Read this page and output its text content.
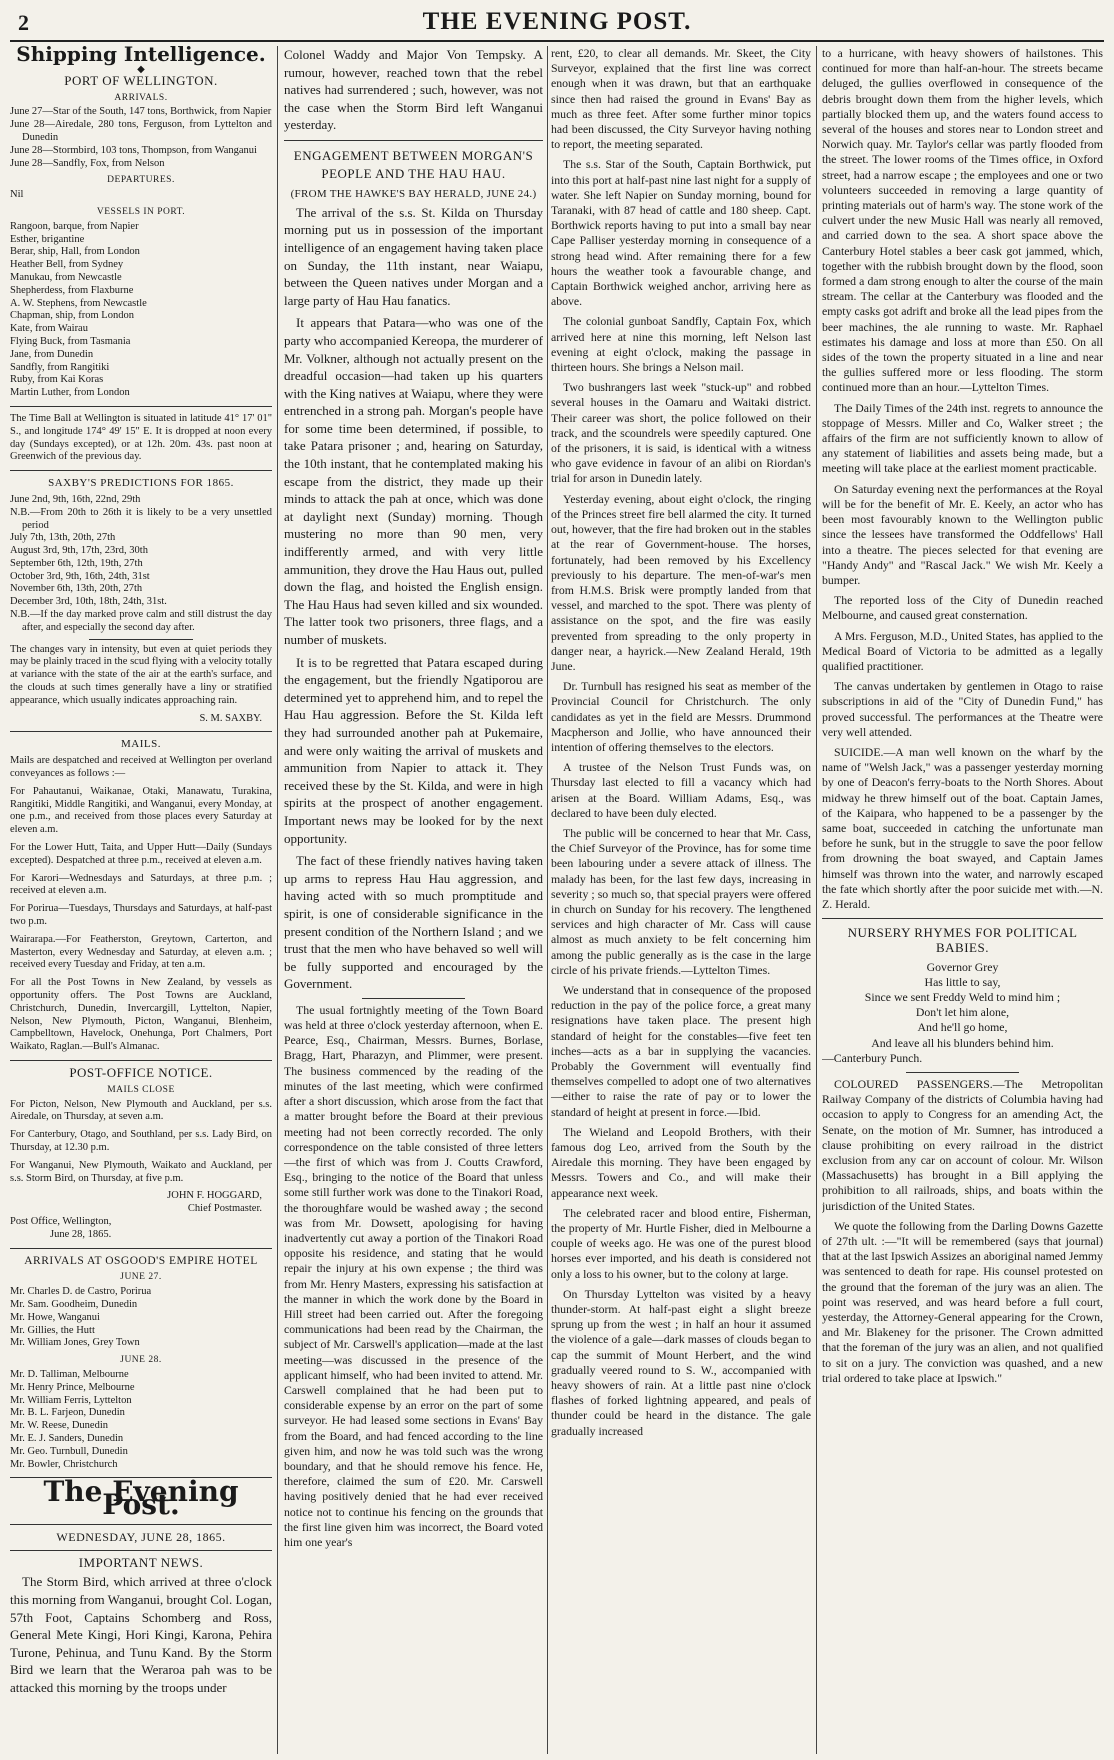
2	THE EVENING POST.
Shipping Intelligence.
◆
PORT OF WELLINGTON.
ARRIVALS.
June 27—Star of the South, 147 tons, Borthwick, from Napier
June 28—Airedale, 280 tons, Ferguson, from Lyttelton and Dunedin
June 28—Stormbird, 103 tons, Thompson, from Wanganui
June 28—Sandfly, Fox, from Nelson
DEPARTURES.
Nil
VESSELS IN PORT.
Rangoon, barque, from Napier
Esther, brigantine
Berar, ship, Hall, from London
Heather Bell, from Sydney
Manukau, from Newcastle
Shepherdess, from Flaxburne
A. W. Stephens, from Newcastle
Chapman, ship, from London
Kate, from Wairau
Flying Buck, from Tasmania
Jane, from Dunedin
Sandfly, from Rangitiki
Ruby, from Kai Koras
Martin Luther, from London

The Time Ball at Wellington is situated in latitude 41° 17' 01" S., and longitude 174° 49' 15" E. It is dropped at noon every day (Sundays excepted), or at 12h. 20m. 43s. past noon at Greenwich of the previous day.

SAXBY'S PREDICTIONS FOR 1865.
June 2nd, 9th, 16th, 22nd, 29th
N.B.—From 20th to 26th it is likely to be a very unsettled period
July 7th, 13th, 20th, 27th
August 3rd, 9th, 17th, 23rd, 30th
September 6th, 12th, 19th, 27th
October 3rd, 9th, 16th, 24th, 31st
November 6th, 13th, 20th, 27th
December 3rd, 10th, 18th, 24th, 31st.
N.B.—If the day marked prove calm and still distrust the day after, and especially the second day after.

The changes vary in intensity, but even at quiet periods they may be plainly traced in the scud flying with a velocity totally at variance with the state of the air at the earth's surface, and the clouds at such times generally have a liny or stratified appearance, which usually indicates approaching rain.

S. M. SAXBY.
MAILS.

Mails are despatched and received at Wellington per overland conveyances as follows :—

For Pahautanui, Waikanae, Otaki, Manawatu, Turakina, Rangitiki, Middle Rangitiki, and Wanganui, every Monday, at one p.m., and received from those places every Saturday at eleven a.m.

For the Lower Hutt, Taita, and Upper Hutt—Daily (Sundays excepted). Despatched at three p.m., received at eleven a.m.

For Karori—Wednesdays and Saturdays, at three p.m. ; received at eleven a.m.

For Porirua—Tuesdays, Thursdays and Saturdays, at half-past two p.m.

Wairarapa.—For Featherston, Greytown, Carterton, and Masterton, every Wednesday and Saturday, at eleven a.m. ; received every Tuesday and Friday, at ten a.m.

For all the Post Towns in New Zealand, by vessels as opportunity offers. The Post Towns are Auckland, Christchurch, Dunedin, Invercargill, Lyttelton, Napier, Nelson, New Plymouth, Picton, Wanganui, Blenheim, Campbelltown, Havelock, Onehunga, Port Chalmers, Port Waikato, Raglan.—Bull's Almanac.

POST-OFFICE NOTICE.
MAILS CLOSE

For Picton, Nelson, New Plymouth and Auckland, per s.s. Airedale, on Thursday, at seven a.m.

For Canterbury, Otago, and Southland, per s.s. Lady Bird, on Thursday, at 12.30 p.m.

For Wanganui, New Plymouth, Waikato and Auckland, per s.s. Storm Bird, on Thursday, at five p.m.

JOHN F. HOGGARD,
Chief Postmaster.
Post Office, Wellington,
June 28, 1865.
ARRIVALS AT OSGOOD'S EMPIRE HOTEL
JUNE 27.
Mr. Charles D. de Castro, Porirua
Mr. Sam. Goodheim, Dunedin
Mr. Howe, Wanganui
Mr. Gillies, the Hutt
Mr. William Jones, Grey Town
JUNE 28.
Mr. D. Talliman, Melbourne
Mr. Henry Prince, Melbourne
Mr. William Ferris, Lyttelton
Mr. B. L. Farjeon, Dunedin
Mr. W. Reese, Dunedin
Mr. E. J. Sanders, Dunedin
Mr. Geo. Turnbull, Dunedin
Mr. Bowler, Christchurch
The Evening Post.
WEDNESDAY, JUNE 28, 1865.
IMPORTANT NEWS.

The Storm Bird, which arrived at three o'clock this morning from Wanganui, brought Col. Logan, 57th Foot, Captains Schomberg and Ross, General Mete Kingi, Hori Kingi, Karona, Pehira Turone, Pehinua, and Tunu Kand. By the Storm Bird we learn that the Weraroa pah was to be attacked this morning by the troops under

Colonel Waddy and Major Von Tempsky. A rumour, however, reached town that the rebel natives had surrendered ; such, however, was not the case when the Storm Bird left Wanganui yesterday.

ENGAGEMENT BETWEEN MORGAN'S PEOPLE AND THE HAU HAU.
(FROM THE HAWKE'S BAY HERALD, JUNE 24.)

The arrival of the s.s. St. Kilda on Thursday morning put us in possession of the important intelligence of an engagement having taken place on Sunday, the 11th instant, near Waiapu, between the Queen natives under Morgan and a large party of Hau Hau fanatics.

It appears that Patara—who was one of the party who accompanied Kereopa, the murderer of Mr. Volkner, although not actually present on the dreadful occasion—had taken up his quarters with the King natives at Waiapu, where they were entrenched in a strong pah. Morgan's people have for some time been determined, if possible, to take Patara prisoner ; and, hearing on Saturday, the 10th instant, that he contemplated making his escape from the district, they made up their minds to attack the pah at once, which was done at daylight next (Sunday) morning. Though mustering no more than 90 men, very indifferently armed, and with very little ammunition, they drove the Hau Haus out, pulled down the flag, and hoisted the English ensign. The Hau Haus had seven killed and six wounded. The latter took two prisoners, three flags, and a number of muskets.

It is to be regretted that Patara escaped during the engagement, but the friendly Ngatiporou are determined yet to apprehend him, and to repel the Hau Hau aggression. Before the St. Kilda left they had surrounded another pah at Pukemaire, and were only waiting the arrival of muskets and ammunition from Napier to attack it. They received these by the St. Kilda, and were in high spirits at the prospect of another engagement. Important news may be looked for by the next opportunity.

The fact of these friendly natives having taken up arms to repress Hau Hau aggression, and having acted with so much promptitude and spirit, is one of considerable significance in the present condition of the Northern Island ; and we trust that the men who have behaved so well will be fully supported and encouraged by the Government.

The usual fortnightly meeting of the Town Board was held at three o'clock yesterday afternoon, when E. Pearce, Esq., Chairman, Messrs. Burnes, Borlase, Bragg, Hart, Pharazyn, and Plimmer, were present. The business commenced by the reading of the minutes of the last meeting, which were confirmed after a short discussion, which arose from the fact that a matter brought before the Board at their previous meeting had not been correctly recorded. The only correspondence on the table consisted of three letters—the first of which was from J. Coutts Crawford, Esq., bringing to the notice of the Board that unless some still further work was done to the Tinakori Road, the thoroughfare would be washed away ; the second was from Mr. Dowsett, apologising for having inadvertently cut away a portion of the Tinakori Road opposite his residence, and stating that he would repair the injury at his own expense ; the third was from Mr. Henry Masters, expressing his satisfaction at the manner in which the work done by the Board in Hill street had been carried out. After the foregoing communications had been read by the Chairman, the subject of Mr. Carswell's application—made at the last meeting—was discussed in the presence of the applicant himself, who had been invited to attend. Mr. Carswell complained that he had been put to considerable expense by an error on the part of some surveyor. He had leased some sections in Evans' Bay from the Board, and had fenced according to the line given him, and now he was told such was the wrong boundary, and that he should remove his fence. He, therefore, claimed the sum of £20. Mr. Carswell having positively denied that he had ever received notice not to continue his fencing on the grounds that the first line given him was incorrect, the Board voted him one year's

rent, £20, to clear all demands. Mr. Skeet, the City Surveyor, explained that the first line was correct enough when it was drawn, but that an earthquake since then had raised the ground in Evans' Bay as much as three feet. After some further minor topics had been discussed, the City Surveyor having nothing to report, the meeting separated.

The s.s. Star of the South, Captain Borthwick, put into this port at half-past nine last night for a supply of water. She left Napier on Sunday morning, bound for Taranaki, with 87 head of cattle and 180 sheep. Capt. Borthwick reports having to put into a small bay near Cape Palliser yesterday morning in consequence of a strong head wind. After remaining there for a few hours the weather took a favourable change, and Captain Borthwick weighed anchor, arriving here as above.

The colonial gunboat Sandfly, Captain Fox, which arrived here at nine this morning, left Nelson last evening at eight o'clock, making the passage in thirteen hours. She brings a Nelson mail.

Two bushrangers last week "stuck-up" and robbed several houses in the Oamaru and Waitaki district. Their career was short, the police followed on their track, and the scoundrels were speedily captured. One of the prisoners, it is said, is identical with a witness who gave evidence in favour of an alibi on Riordan's trial for arson in Dunedin lately.

Yesterday evening, about eight o'clock, the ringing of the Princes street fire bell alarmed the city. It turned out, however, that the fire had broken out in the stables at the rear of Government-house. The horses, fortunately, had been removed by his Excellency previously to his departure. The men-of-war's men from H.M.S. Brisk were promptly landed from that vessel, and marched to the spot. There was plenty of assistance on the spot, and the fire was easily prevented from spreading to the only property in danger near, a hayrick.—New Zealand Herald, 19th June.

Dr. Turnbull has resigned his seat as member of the Provincial Council for Christchurch. The only candidates as yet in the field are Messrs. Drummond Macpherson and Jollie, who have announced their intention of offering themselves to the electors.

A trustee of the Nelson Trust Funds was, on Thursday last elected to fill a vacancy which had arisen at the Board. William Adams, Esq., was declared to have been duly elected.

The public will be concerned to hear that Mr. Cass, the Chief Surveyor of the Province, has for some time been labouring under a severe attack of illness. The malady has been, for the last few days, increasing in severity ; so much so, that special prayers were offered in church on Sunday for his recovery. The lengthened services and high character of Mr. Cass will cause almost as much anxiety to be felt concerning him among the public generally as is the case in the large circle of his private friends.—Lyttelton Times.

We understand that in consequence of the proposed reduction in the pay of the police force, a great many resignations have taken place. The present high standard of height for the constables—five feet ten inches—acts as a bar in supplying the vacancies. Probably the Government will eventually find themselves compelled to adopt one of two alternatives—either to raise the rate of pay or to lower the standard of height at present in force.—Ibid.

The Wieland and Leopold Brothers, with their famous dog Leo, arrived from the South by the Airedale this morning. They have been engaged by Messrs. Towers and Co., and will make their appearance next week.

The celebrated racer and blood entire, Fisherman, the property of Mr. Hurtle Fisher, died in Melbourne a couple of weeks ago. He was one of the purest blood horses ever imported, and his death is considered not only a loss to his owner, but to the colony at large.

On Thursday Lyttelton was visited by a heavy thunder-storm. At half-past eight a slight breeze sprung up from the west ; in half an hour it assumed the violence of a gale—dark masses of clouds began to cap the summit of Mount Herbert, and the wind gradually veered round to S. W., accompanied with heavy showers of rain. At a little past nine o'clock flashes of forked lightning appeared, and peals of thunder could be heard in the distance. The gale gradually increased

to a hurricane, with heavy showers of hailstones. This continued for more than half-an-hour. The streets became deluged, the gullies overflowed in consequence of the debris brought down them from the higher levels, which partially blocked them up, and the waters found access to several of the houses and stores near to London street and Norwich quay. Mr. Taylor's cellar was partly flooded from the street. The lower rooms of the Times office, in Oxford street, had a narrow escape ; the employees and one or two volunteers succeeded in removing a large quantity of printing materials out of harm's way. The stone work of the culvert under the new Music Hall was nearly all removed, and carried down to the sea. A short space above the Canterbury Hotel stables a beer cask got jammed, which, together with the rubbish brought down by the flood, soon formed a dam strong enough to alter the course of the main stream. The cellar at the Canterbury was flooded and the empty casks got adrift and broke all the lead pipes from the beer machines, the ale running to waste. Mr. Raphael estimates his damage and loss at more than £50. On all sides of the town the property situated in a line and near the gullies suffered more or less flooding. The storm continued more than an hour.—Lyttelton Times.

The Daily Times of the 24th inst. regrets to announce the stoppage of Messrs. Miller and Co, Walker street ; the affairs of the firm are not sufficiently known to allow of any statement of liabilities and assets being made, but a meeting will take place at the earliest moment practicable.

On Saturday evening next the performances at the Royal will be for the benefit of Mr. E. Keely, an actor who has been most favourably known to the Wellington public since the lessees have transformed the Oddfellows' Hall into a theatre. The pieces selected for that evening are "Handy Andy" and "Rascal Jack." We wish Mr. Keely a bumper.

The reported loss of the City of Dunedin reached Melbourne, and caused great consternation.

A Mrs. Ferguson, M.D., United States, has applied to the Medical Board of Victoria to be admitted as a legally qualified practitioner.

The canvas undertaken by gentlemen in Otago to raise subscriptions in aid of the "City of Dunedin Fund," has proved successful. The performances at the Theatre were very well attended.

SUICIDE.—A man well known on the wharf by the name of "Welsh Jack," was a passenger yesterday morning by one of Deacon's ferry-boats to the North Shores. About midway he threw himself out of the boat. Captain James, of the Kaipara, who happened to be a passenger by the same boat, succeeded in catching the unfortunate man before he sunk, but in the struggle to save the poor fellow from drowning the boat swayed, and Captain James himself was thrown into the water, and narrowly escaped the fate which shortly after the poor suicide met with.—N. Z. Herald.

NURSERY RHYMES FOR POLITICAL BABIES.
Governor Grey
Has little to say,
Since we sent Freddy Weld to mind him ;
Don't let him alone,
And he'll go home,
And leave all his blunders behind him.
—Canterbury Punch.

COLOURED PASSENGERS.—The Metropolitan Railway Company of the districts of Columbia having had occasion to apply to Congress for an amending Act, the Senate, on the motion of Mr. Sumner, has introduced a clause prohibiting on every railroad in the district exclusion from any car on account of colour. Mr. Wilson (Massachusetts) has brought in a Bill applying the prohibition to all railroads, ships, and boats within the jurisdiction of the United States.

We quote the following from the Darling Downs Gazette of 27th ult. :—"It will be remembered (says that journal) that at the last Ipswich Assizes an aboriginal named Jemmy was sentenced to death for rape. His counsel protested on the ground that the foreman of the jury was an alien. The point was reserved, and was heard before a full court, yesterday, the Attorney-General appearing for the Crown, and Mr. Blakeney for the prisoner. The Crown admitted that the foreman of the jury was an alien, and not qualified to sit on a jury. The conviction was quashed, and a new trial ordered to take place at Ipswich."
